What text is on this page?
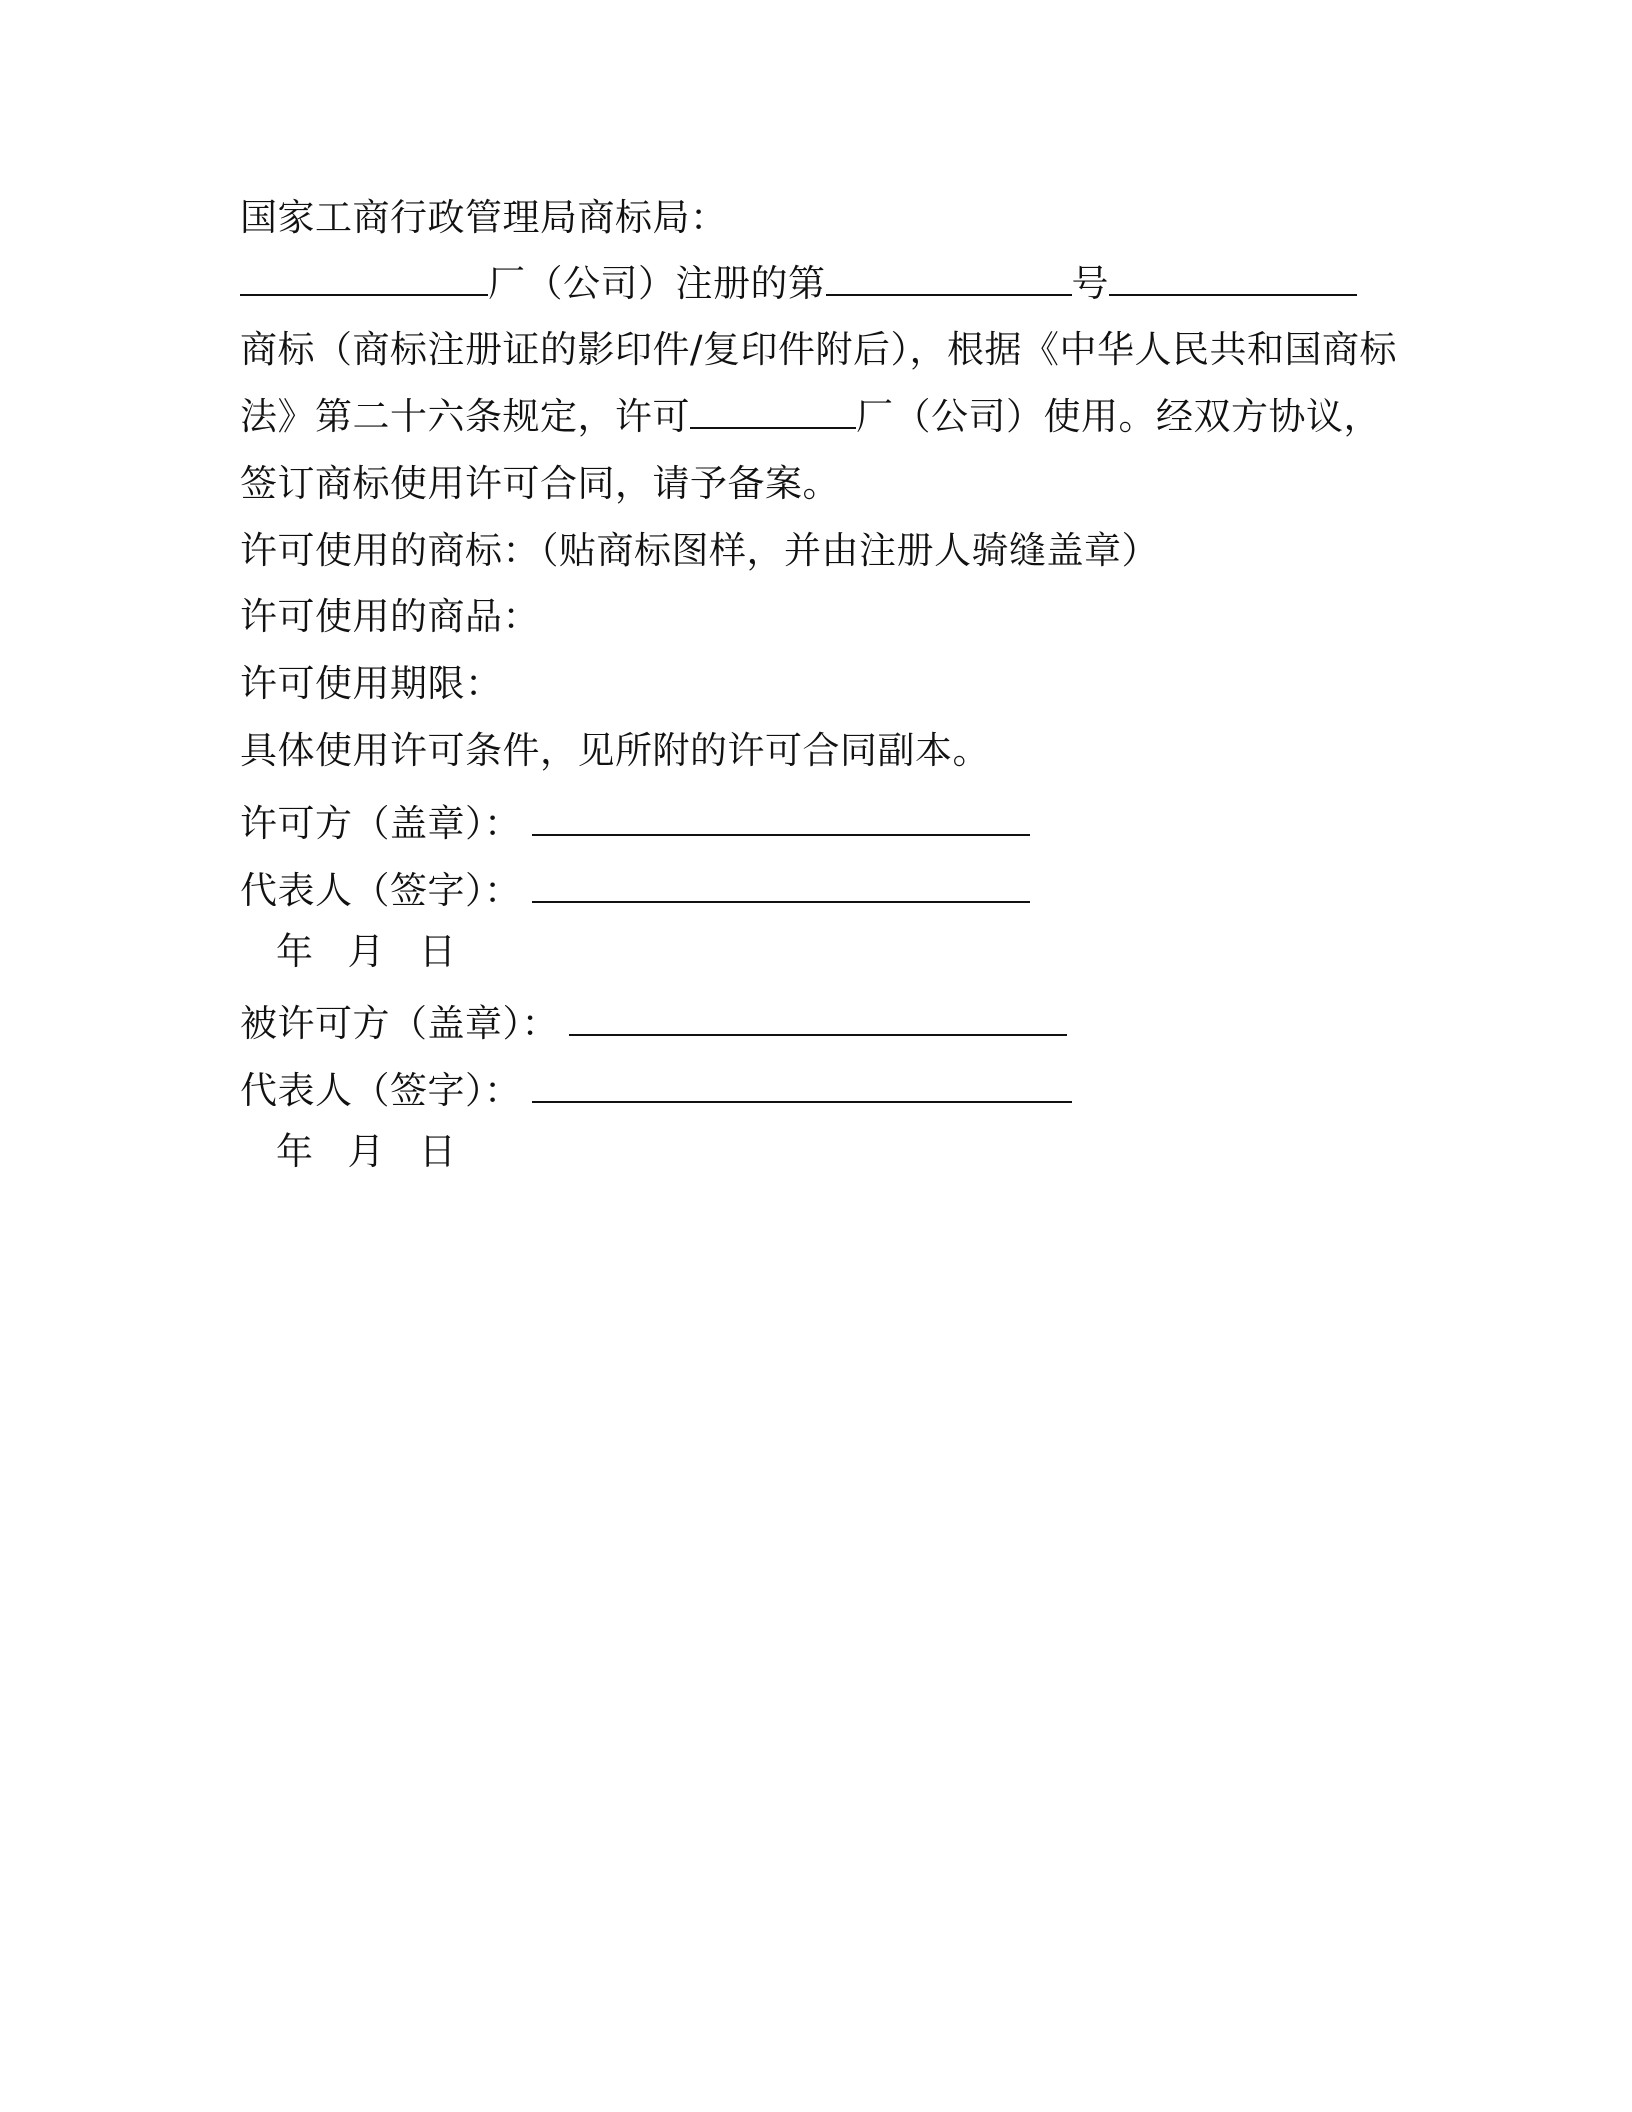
国家工商行政管理局商标局：
厂（公司）注册的第	号
商标（商标注册证的影印件/复印件附后），根据《中华人民共和国商标
法》第二十六条规定，许可	厂（公司）使用。经双方协议，
签订商标使用许可合同，请予备案。
许可使用的商标：（贴商标图样，并由注册人骑缝盖章）
许可使用的商品：
许可使用期限：
具体使用许可条件，见所附的许可合同副本。
许可方（盖章）：
代表人（签字）：
年 月 日
被许可方（盖章）：
代表人（签字）：
年 月 日
